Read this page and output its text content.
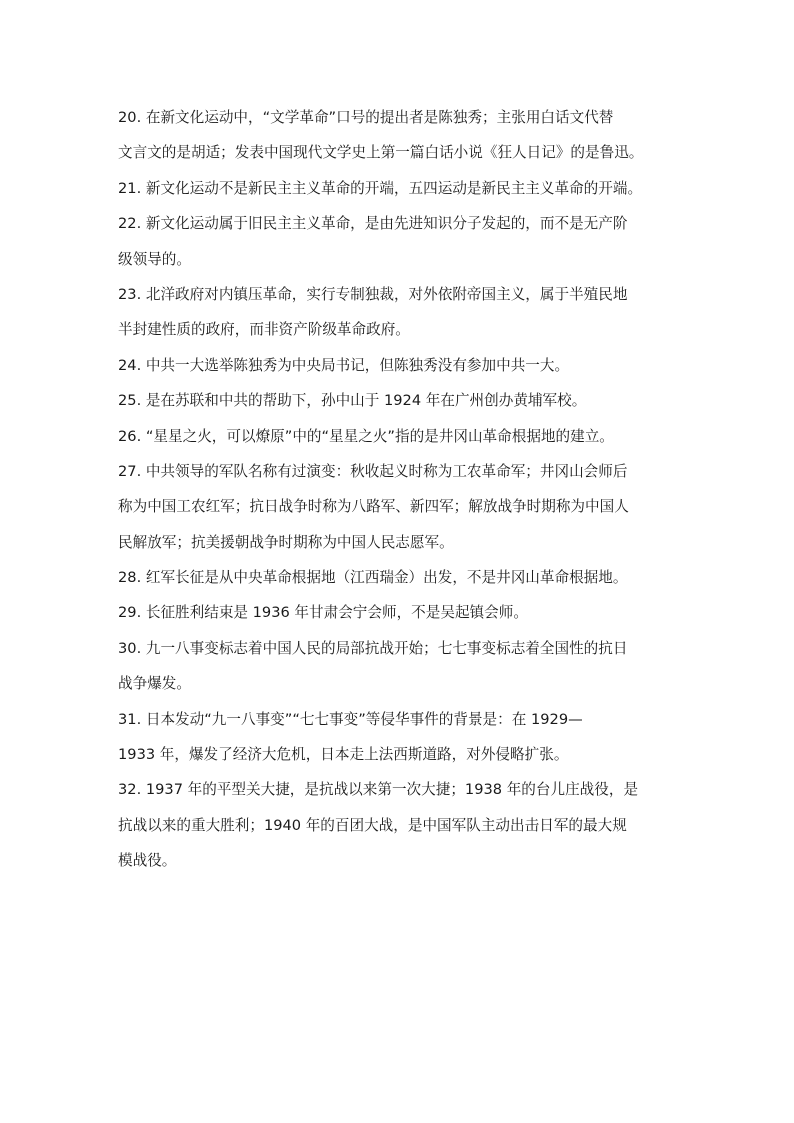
20. 在新文化运动中，“文学革命”口号的提出者是陈独秀；主张用白话文代替
文言文的是胡适；发表中国现代文学史上第一篇白话小说《狂人日记》的是鲁迅。
21. 新文化运动不是新民主主义革命的开端，五四运动是新民主主义革命的开端。
22. 新文化运动属于旧民主主义革命，是由先进知识分子发起的，而不是无产阶
级领导的。
23. 北洋政府对内镇压革命，实行专制独裁，对外依附帝国主义，属于半殖民地
半封建性质的政府，而非资产阶级革命政府。
24. 中共一大选举陈独秀为中央局书记，但陈独秀没有参加中共一大。
25. 是在苏联和中共的帮助下，孙中山于 1924 年在广州创办黄埔军校。
26. “星星之火，可以燎原”中的“星星之火”指的是井冈山革命根据地的建立。
27. 中共领导的军队名称有过演变：秋收起义时称为工农革命军；井冈山会师后
称为中国工农红军；抗日战争时称为八路军、新四军；解放战争时期称为中国人
民解放军；抗美援朝战争时期称为中国人民志愿军。
28. 红军长征是从中央革命根据地（江西瑞金）出发，不是井冈山革命根据地。
29. 长征胜利结束是 1936 年甘肃会宁会师，不是吴起镇会师。
30. 九一八事变标志着中国人民的局部抗战开始；七七事变标志着全国性的抗日
战争爆发。
31. 日本发动“九一八事变”“七七事变”等侵华事件的背景是：在 1929—
1933 年，爆发了经济大危机，日本走上法西斯道路，对外侵略扩张。
32. 1937 年的平型关大捷，是抗战以来第一次大捷；1938 年的台儿庄战役，是
抗战以来的重大胜利；1940 年的百团大战，是中国军队主动出击日军的最大规
模战役。
